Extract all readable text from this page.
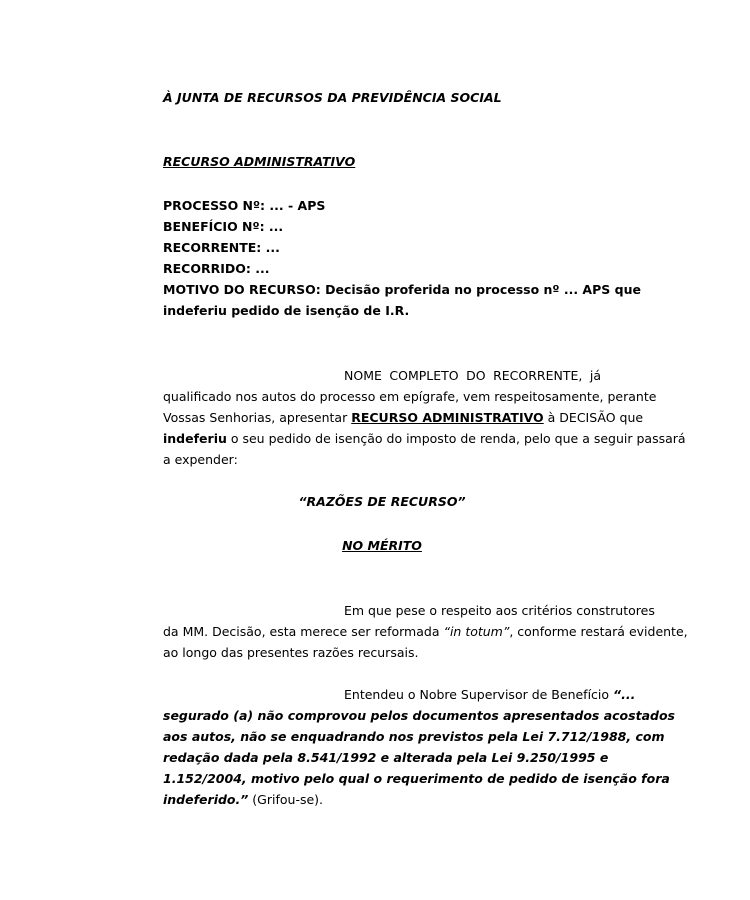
À JUNTA DE RECURSOS DA PREVIDÊNCIA SOCIAL
RECURSO ADMINISTRATIVO
PROCESSO Nº: ... - APS
BENEFÍCIO Nº: ...
RECORRENTE: ...
RECORRIDO: ...
MOTIVO DO RECURSO: Decisão proferida no processo nº ... APS que
indeferiu pedido de isenção de I.R.
NOME COMPLETO DO RECORRENTE, já
qualificado nos autos do processo em epígrafe, vem respeitosamente, perante
Vossas Senhorias, apresentar RECURSO ADMINISTRATIVO à DECISÃO que
indeferiu o seu pedido de isenção do imposto de renda, pelo que a seguir passará
a expender:
“RAZÕES DE RECURSO”
NO MÉRITO
Em que pese o respeito aos critérios construtores
da MM. Decisão, esta merece ser reformada “in totum”, conforme restará evidente,
ao longo das presentes razões recursais.
Entendeu o Nobre Supervisor de Benefício “...
segurado (a) não comprovou pelos documentos apresentados acostados
aos autos, não se enquadrando nos previstos pela Lei 7.712/1988, com
redação dada pela 8.541/1992 e alterada pela Lei 9.250/1995 e
1.152/2004, motivo pelo qual o requerimento de pedido de isenção fora
indeferido.” (Grifou-se).
